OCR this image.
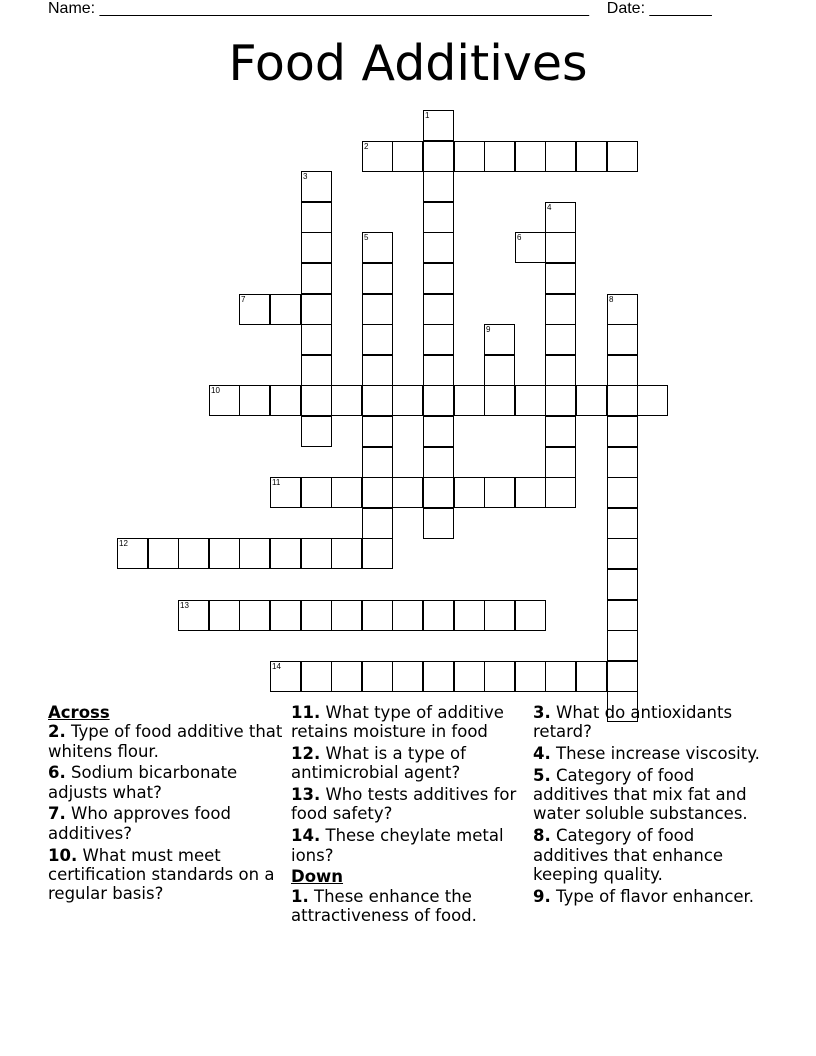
Name: _______________________________________________________ Date: _______
Food Additives
1
2
3
4
5	6
7	8
9
10
11
12
13
14
Across
2. Type of food additive that whitens flour.
6. Sodium bicarbonate adjusts what?
7. Who approves food additives?
10. What must meet certification standards on a regular basis?
11. What type of additive retains moisture in food
12. What is a type of antimicrobial agent?
13. Who tests additives for food safety?
14. These cheylate metal ions?
Down
1. These enhance the attractiveness of food.
3. What do antioxidants retard?
4. These increase viscosity.
5. Category of food additives that mix fat and water soluble substances.
8. Category of food additives that enhance keeping quality.
9. Type of flavor enhancer.
